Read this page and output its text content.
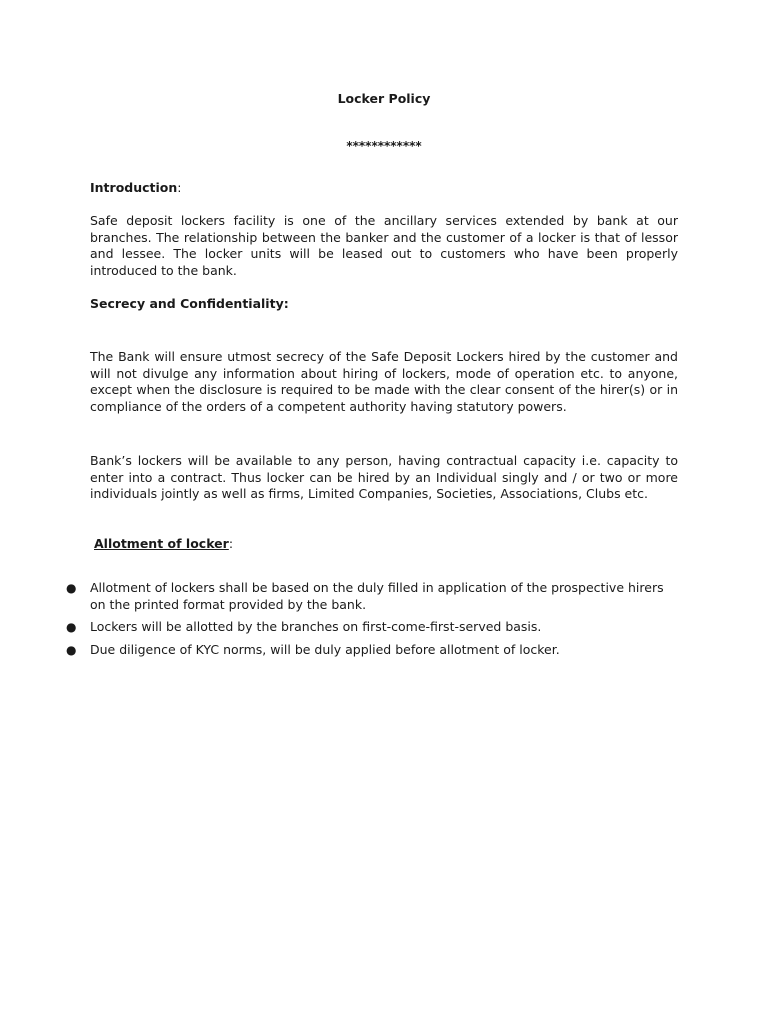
Locker Policy
************
Introduction:
Safe deposit lockers facility is one of the ancillary services extended by bank at our branches. The relationship between the banker and the customer of a locker is that of lessor and lessee. The locker units will be leased out to customers who have been properly introduced to the bank.
Secrecy and Confidentiality:
The Bank will ensure utmost secrecy of the Safe Deposit Lockers hired by the customer and will not divulge any information about hiring of lockers, mode of operation etc. to anyone, except when the disclosure is required to be made with the clear consent of the hirer(s) or in compliance of the orders of a competent authority having statutory powers.
Bank’s lockers will be available to any person, having contractual capacity i.e. capacity to enter into a contract. Thus locker can be hired by an Individual singly and / or two or more individuals jointly as well as firms, Limited Companies, Societies, Associations, Clubs etc.
Allotment of locker:
● Allotment of lockers shall be based on the duly filled in application of the prospective hirers on the printed format provided by the bank.
● Lockers will be allotted by the branches on first-come-first-served basis.
● Due diligence of KYC norms, will be duly applied before allotment of locker.
